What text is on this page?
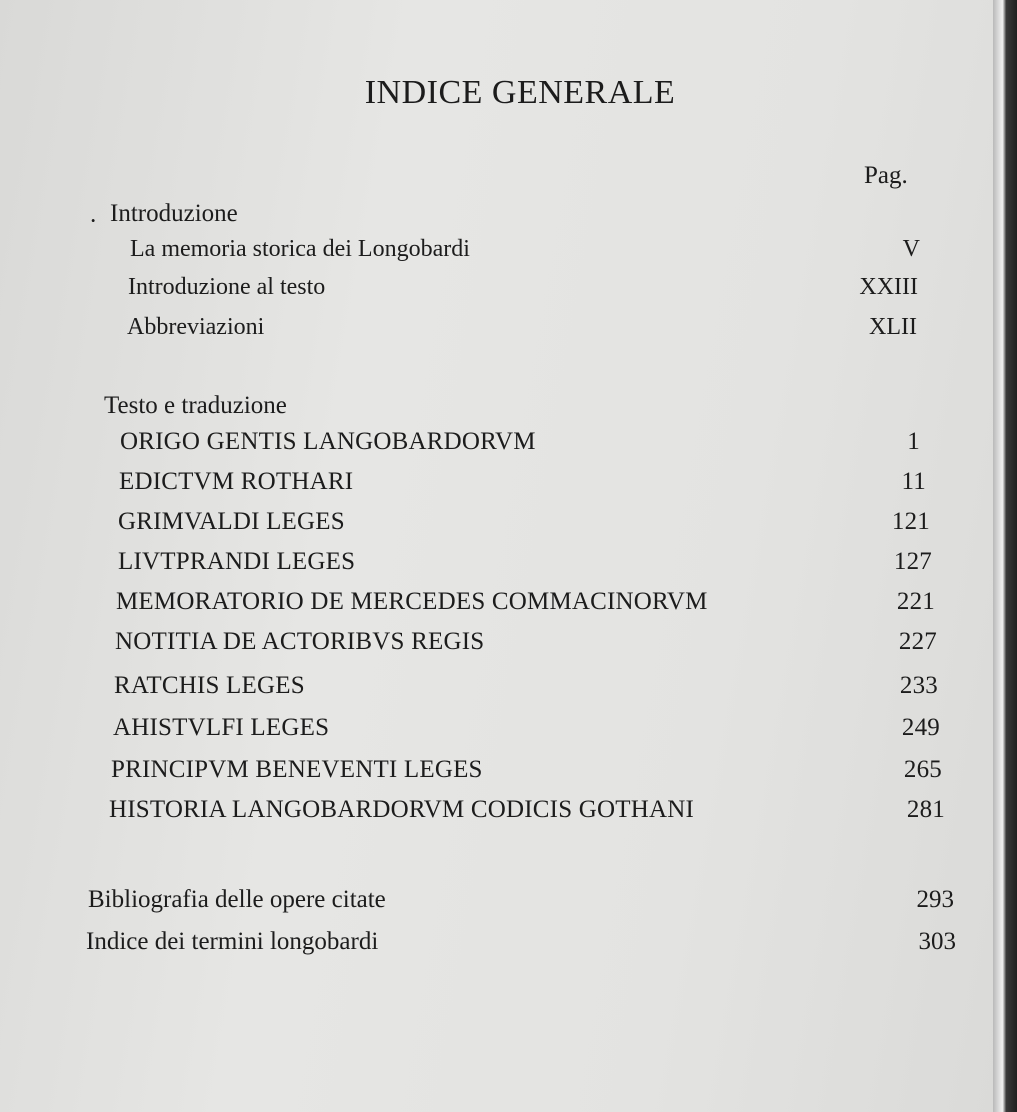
INDICE GENERALE
Pag.
· Introduzione
La memoria storica dei Longobardi	V
Introduzione al testo	XXIII
Abbreviazioni	XLII
Testo e traduzione
ORIGO GENTIS LANGOBARDORVM	1
EDICTVM ROTHARI	11
GRIMVALDI LEGES	121
LIVTPRANDI LEGES	127
MEMORATORIO DE MERCEDES COMMACINORVM	221
NOTITIA DE ACTORIBVS REGIS	227
RATCHIS LEGES	233
AHISTVLFI LEGES	249
PRINCIPVM BENEVENTI LEGES	265
HISTORIA LANGOBARDORVM CODICIS GOTHANI	281
Bibliografia delle opere citate	293
Indice dei termini longobardi	303
